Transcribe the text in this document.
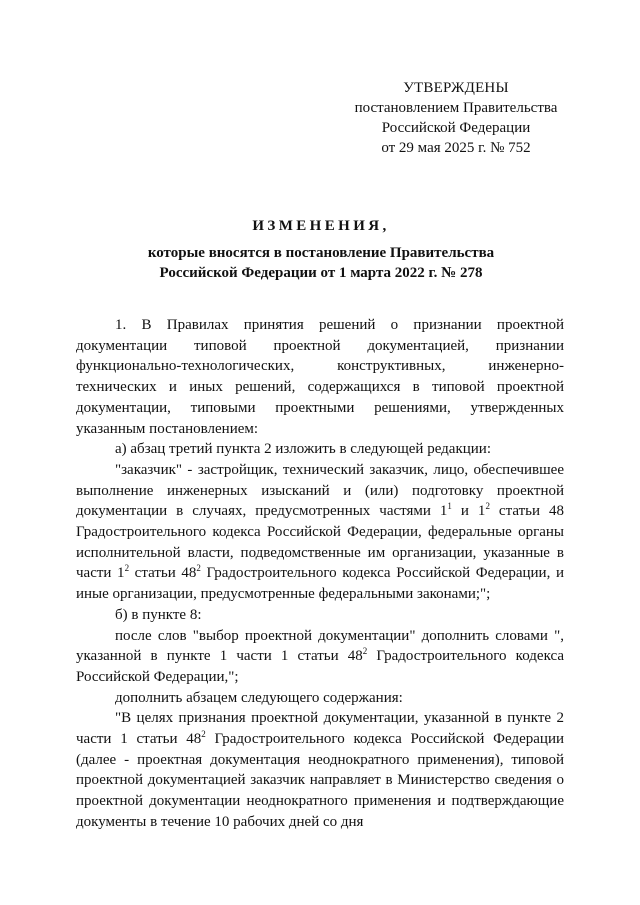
УТВЕРЖДЕНЫ
постановлением Правительства
Российской Федерации
от 29 мая 2025 г. № 752
ИЗМЕНЕНИЯ,
которые вносятся в постановление Правительства
Российской Федерации от 1 марта 2022 г. № 278

1. В Правилах принятия решений о признании проектной документации типовой проектной документацией, признании функционально-технологических, конструктивных, инженерно-технических и иных решений, содержащихся в типовой проектной документации, типовыми проектными решениями, утвержденных указанным постановлением:

а) абзац третий пункта 2 изложить в следующей редакции:

"заказчик" - застройщик, технический заказчик, лицо, обеспечившее выполнение инженерных изысканий и (или) подготовку проектной документации в случаях, предусмотренных частями $1^1$ и $1^2$ статьи 48 Градостроительного кодекса Российской Федерации, федеральные органы исполнительной власти, подведомственные им организации, указанные в части $1^2$ статьи $48^2$ Градостроительного кодекса Российской Федерации, и иные организации, предусмотренные федеральными законами;";

б) в пункте 8:

после слов "выбор проектной документации" дополнить словами ", указанной в пункте 1 части 1 статьи $48^2$ Градостроительного кодекса Российской Федерации,";

дополнить абзацем следующего содержания:

"В целях признания проектной документации, указанной в пункте 2 части 1 статьи $48^2$ Градостроительного кодекса Российской Федерации (далее - проектная документация неоднократного применения), типовой проектной документацией заказчик направляет в Министерство сведения о проектной документации неоднократного применения и подтверждающие документы в течение 10 рабочих дней со дня
